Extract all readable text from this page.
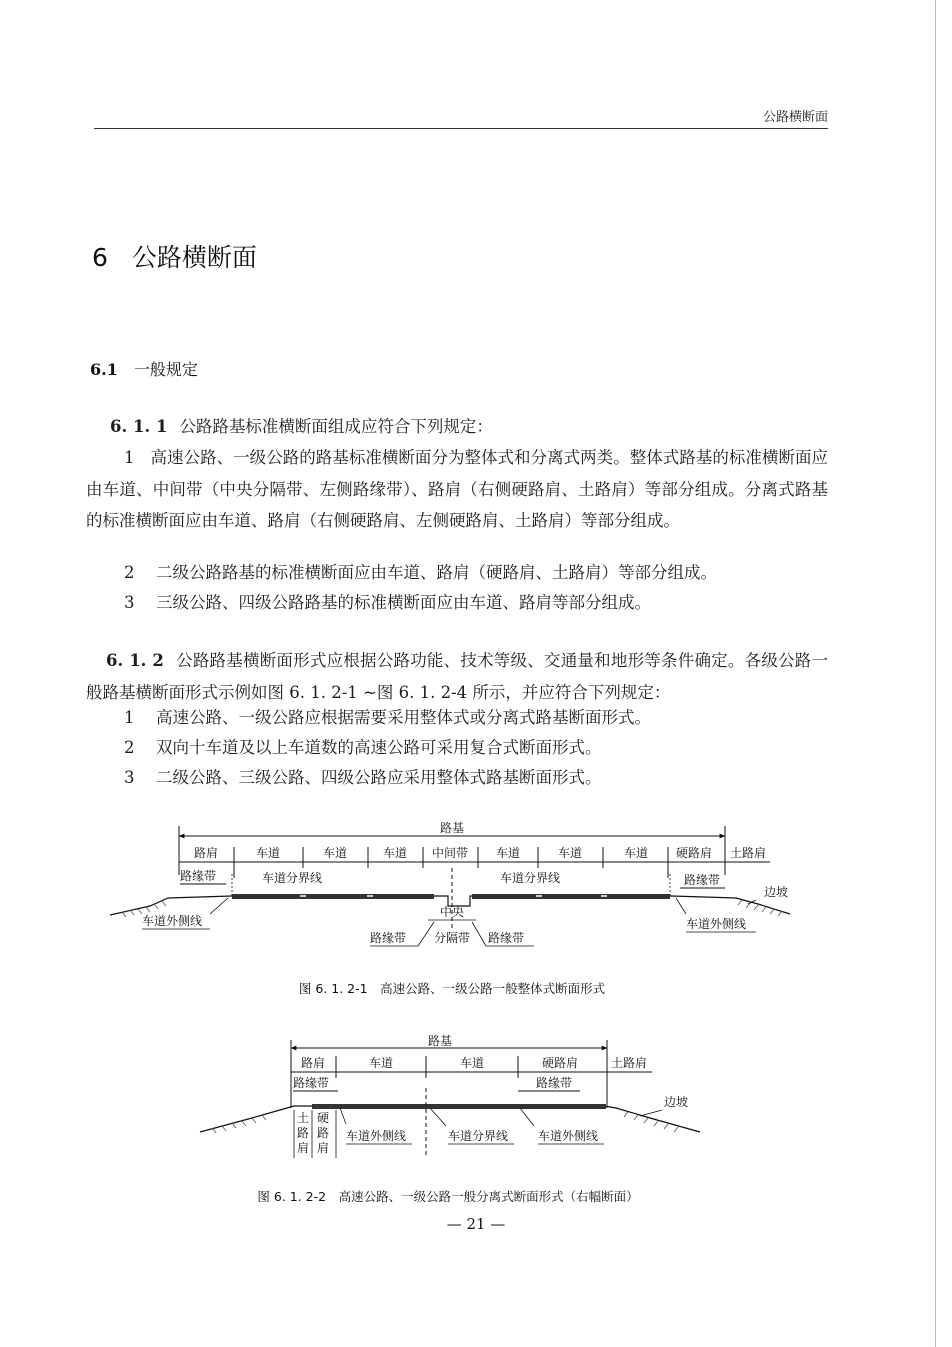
公路横断面
6 公路横断面
6.1 一般规定
6. 1. 1 公路路基标准横断面组成应符合下列规定：
1 高速公路、一级公路的路基标准横断面分为整体式和分离式两类。整体式路基的标准横断面应由车道、中间带（中央分隔带、左侧路缘带）、路肩（右侧硬路肩、土路肩）等部分组成。分离式路基的标准横断面应由车道、路肩（右侧硬路肩、左侧硬路肩、土路肩）等部分组成。
2 二级公路路基的标准横断面应由车道、路肩（硬路肩、土路肩）等部分组成。
3 三级公路、四级公路路基的标准横断面应由车道、路肩等部分组成。
6. 1. 2 公路路基横断面形式应根据公路功能、技术等级、交通量和地形等条件确定。各级公路一般路基横断面形式示例如图 6. 1. 2-1 ~图 6. 1. 2-4 所示，并应符合下列规定：
1 高速公路、一级公路应根据需要采用整体式或分离式路基断面形式。
2 双向十车道及以上车道数的高速公路可采用复合式断面形式。
3 二级公路、三级公路、四级公路应采用整体式路基断面形式。
路基
路肩	车道	车道	车道 中间带 车道	车道	车道 硬路肩 土路肩
路缘带	车道分界线	车道分界线	路缘带
边坡
车道外侧线	车道外侧线
中央
分隔带
路缘带	路缘带
图 6. 1. 2-1　高速公路、一级公路一般整体式断面形式
路基
路肩	车道	车道	硬路肩	土路肩
路缘带	路缘带
边坡
土
路
肩
硬
路
肩
车道外侧线	车道分界线 车道外侧线
图 6. 1. 2-2　高速公路、一级公路一般分离式断面形式（右幅断面）
— 21 —
